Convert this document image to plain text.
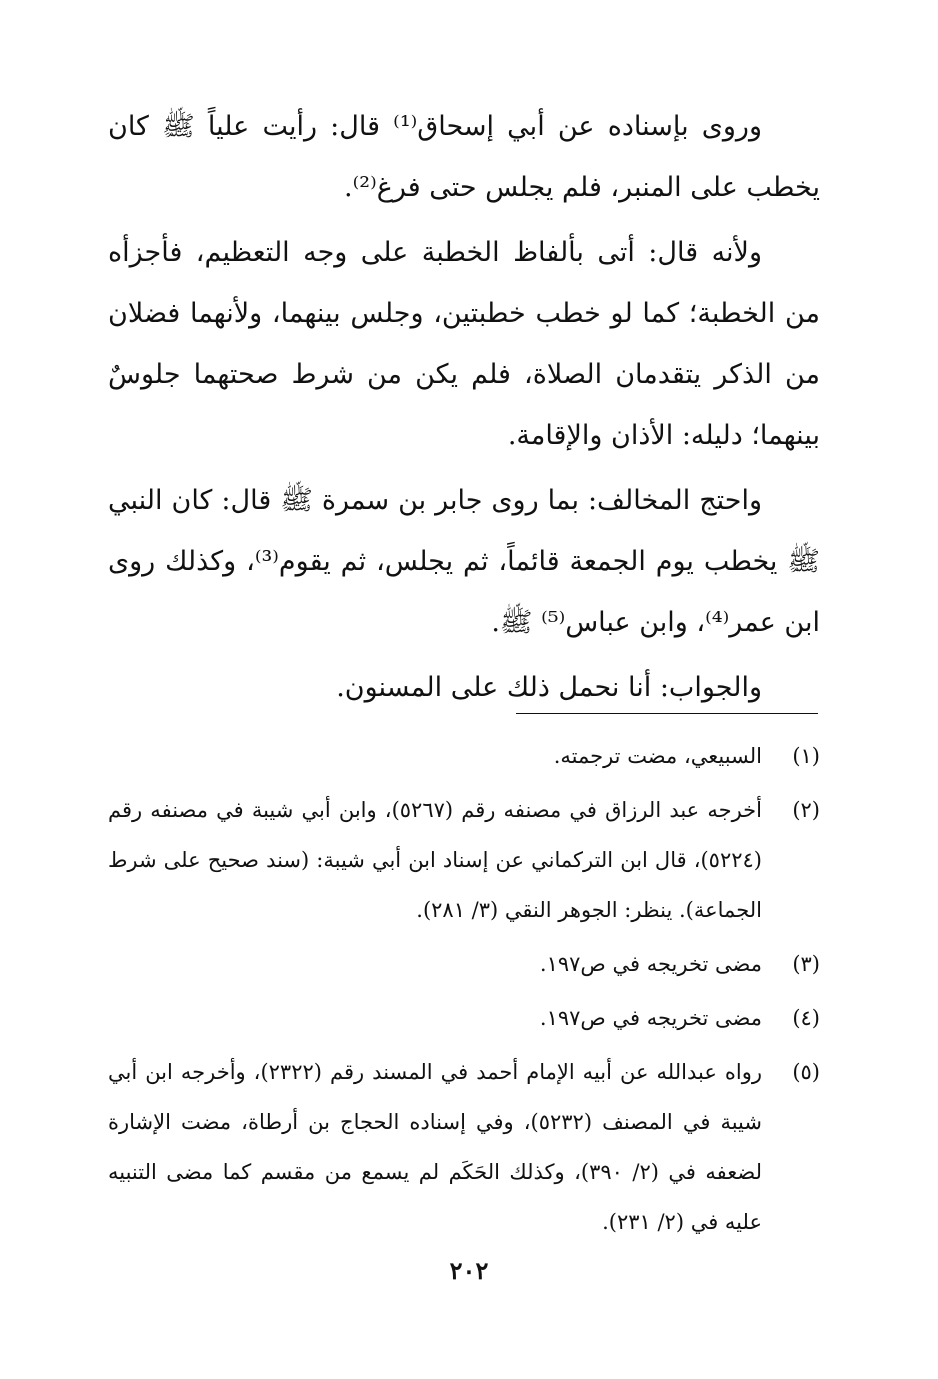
وروى بإسناده عن أبي إسحاق⁽¹⁾ قال: رأيت علياً ﷺ كان يخطب على المنبر، فلم يجلس حتى فرغ⁽²⁾.

ولأنه قال: أتى بألفاظ الخطبة على وجه التعظيم، فأجزأه من الخطبة؛ كما لو خطب خطبتين، وجلس بينهما، ولأنهما فضلان من الذكر يتقدمان الصلاة، فلم يكن من شرط صحتهما جلوسٌ بينهما؛ دليله: الأذان والإقامة.

واحتج المخالف: بما روى جابر بن سمرة ﷺ قال: كان النبي ﷺ يخطب يوم الجمعة قائماً، ثم يجلس، ثم يقوم⁽³⁾، وكذلك روى ابن عمر⁽⁴⁾، وابن عباس⁽⁵⁾ ﷺ.

والجواب: أنا نحمل ذلك على المسنون.

(١)
السبيعي، مضت ترجمته.
(٢)
أخرجه عبد الرزاق في مصنفه رقم (٥٢٦٧)، وابن أبي شيبة في مصنفه رقم (٥٢٢٤)، قال ابن التركماني عن إسناد ابن أبي شيبة: (سند صحيح على شرط الجماعة). ينظر: الجوهر النقي (٣/ ٢٨١).
(٣)
مضى تخريجه في ص١٩٧.
(٤)
مضى تخريجه في ص١٩٧.
(٥)
رواه عبدالله عن أبيه الإمام أحمد في المسند رقم (٢٣٢٢)، وأخرجه ابن أبي شيبة في المصنف (٥٢٣٢)، وفي إسناده الحجاج بن أرطاة، مضت الإشارة لضعفه في (٢/ ٣٩٠)، وكذلك الحَكَم لم يسمع من مقسم كما مضى التنبيه عليه في (٢/ ٢٣١).
٢٠٢
